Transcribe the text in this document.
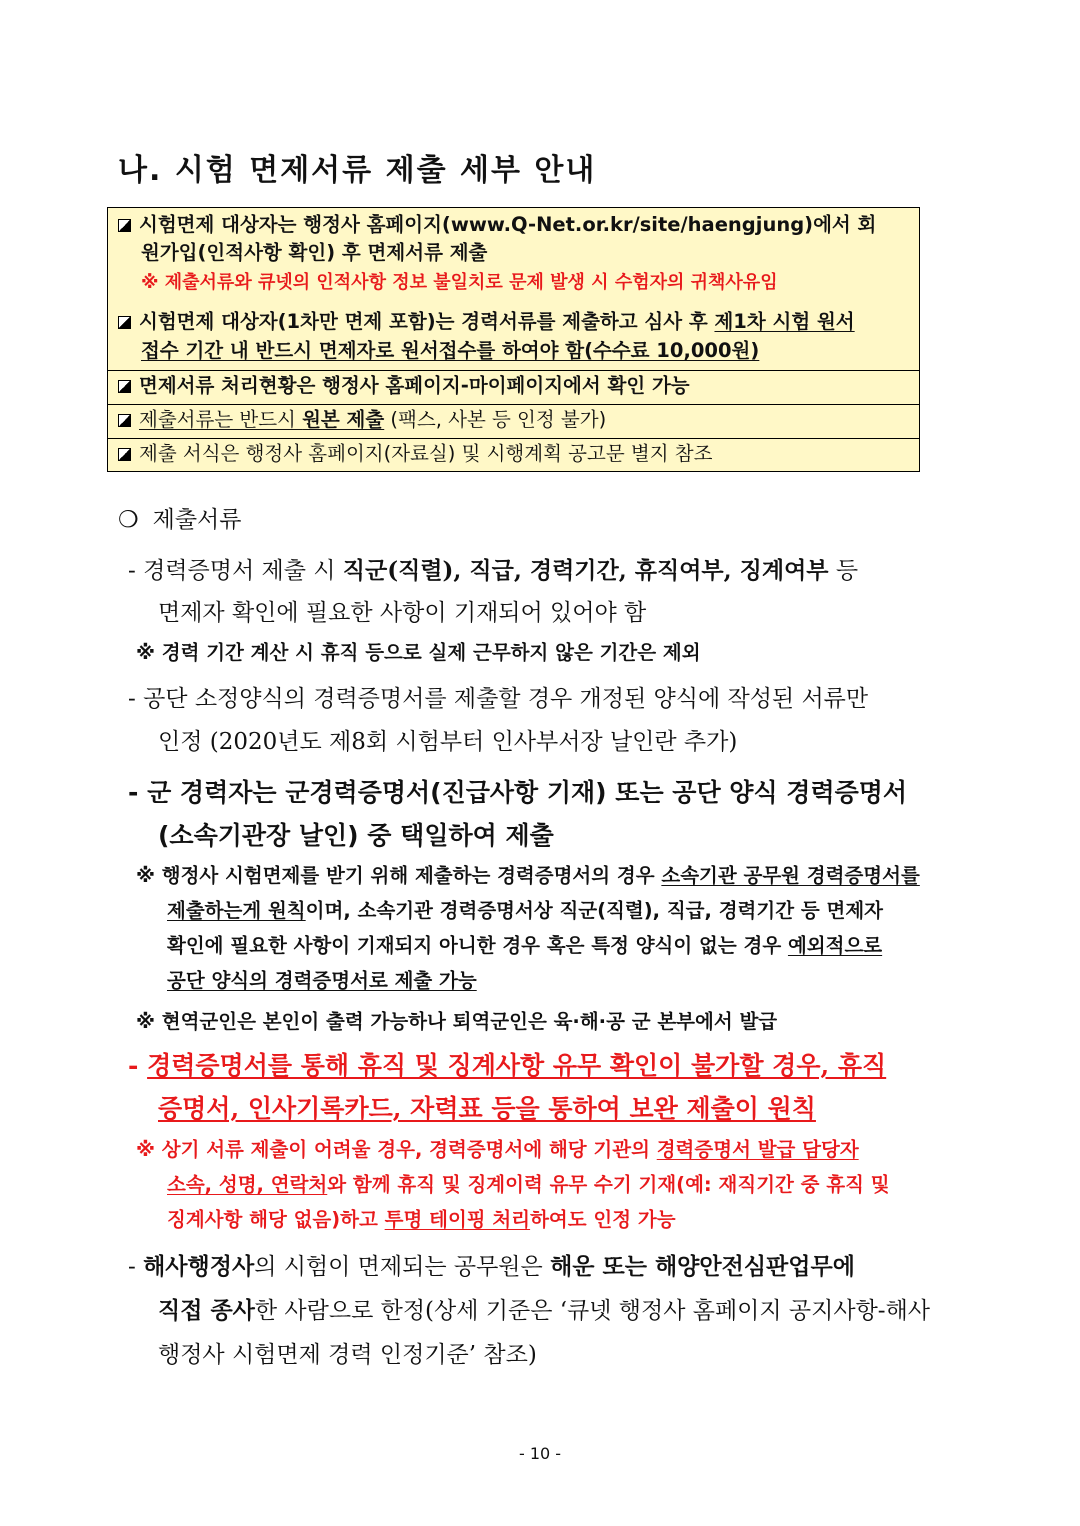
나. 시험 면제서류 제출 세부 안내
시험면제 대상자는 행정사 홈페이지(www.Q-Net.or.kr/site/haengjung)에서 회
원가입(인적사항 확인) 후 면제서류 제출
※ 제출서류와 큐넷의 인적사항 정보 불일치로 문제 발생 시 수험자의 귀책사유임
시험면제 대상자(1차만 면제 포함)는 경력서류를 제출하고 심사 후 제1차 시험 원서
접수 기간 내 반드시 면제자로 원서접수를 하여야 함(수수료 10,000원)
면제서류 처리현황은 행정사 홈페이지-마이페이지에서 확인 가능
제출서류는 반드시 원본 제출 (팩스, 사본 등 인정 불가)
제출 서식은 행정사 홈페이지(자료실) 및 시행계획 공고문 별지 참조
❍ 제출서류
- 경력증명서 제출 시 직군(직렬), 직급, 경력기간, 휴직여부, 징계여부 등
면제자 확인에 필요한 사항이 기재되어 있어야 함
※ 경력 기간 계산 시 휴직 등으로 실제 근무하지 않은 기간은 제외
- 공단 소정양식의 경력증명서를 제출할 경우 개정된 양식에 작성된 서류만
인정 (2020년도 제8회 시험부터 인사부서장 날인란 추가)
- 군 경력자는 군경력증명서(진급사항 기재) 또는 공단 양식 경력증명서
(소속기관장 날인) 중 택일하여 제출
※ 행정사 시험면제를 받기 위해 제출하는 경력증명서의 경우 소속기관 공무원 경력증명서를
제출하는게 원칙이며, 소속기관 경력증명서상 직군(직렬), 직급, 경력기간 등 면제자
확인에 필요한 사항이 기재되지 아니한 경우 혹은 특정 양식이 없는 경우 예외적으로
공단 양식의 경력증명서로 제출 가능
※ 현역군인은 본인이 출력 가능하나 퇴역군인은 육·해·공 군 본부에서 발급
- 경력증명서를 통해 휴직 및 징계사항 유무 확인이 불가할 경우, 휴직
증명서, 인사기록카드, 자력표 등을 통하여 보완 제출이 원칙
※ 상기 서류 제출이 어려울 경우, 경력증명서에 해당 기관의 경력증명서 발급 담당자
소속, 성명, 연락처와 함께 휴직 및 징계이력 유무 수기 기재(예: 재직기간 중 휴직 및
징계사항 해당 없음)하고 투명 테이핑 처리하여도 인정 가능
- 해사행정사의 시험이 면제되는 공무원은 해운 또는 해양안전심판업무에
직접 종사한 사람으로 한정(상세 기준은 ‘큐넷 행정사 홈페이지 공지사항-해사
행정사 시험면제 경력 인정기준’ 참조)
- 10 -
